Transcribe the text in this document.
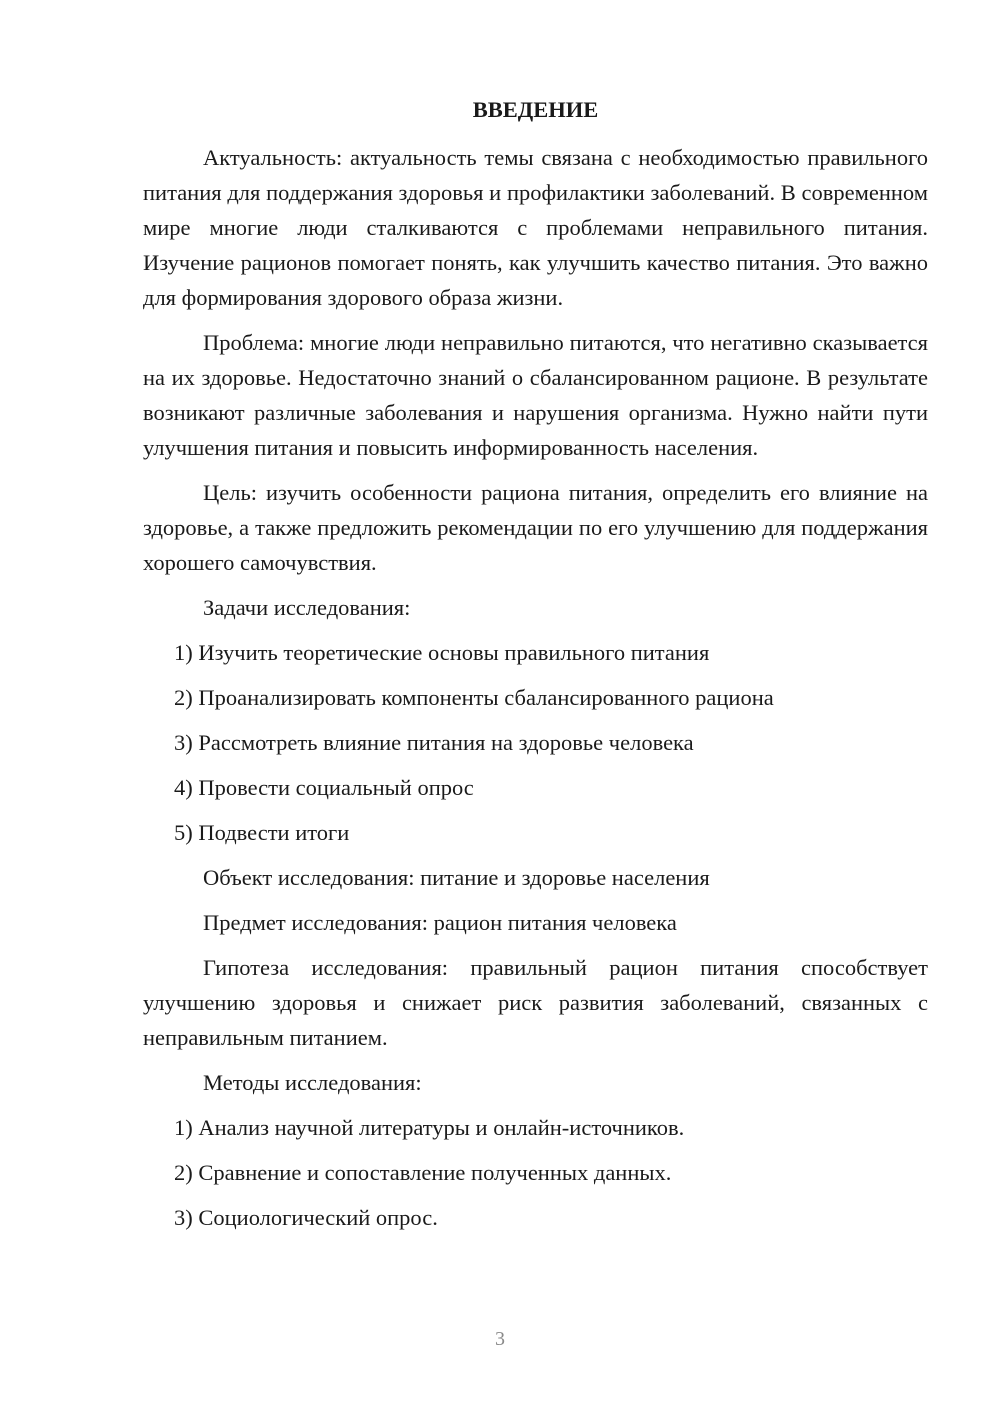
ВВЕДЕНИЕ

Актуальность: актуальность темы связана с необходимостью правильного питания для поддержания здоровья и профилактики заболеваний. В современном мире многие люди сталкиваются с проблемами неправильного питания. Изучение рационов помогает понять, как улучшить качество питания. Это важно для формирования здорового образа жизни.

Проблема: многие люди неправильно питаются, что негативно сказывается на их здоровье. Недостаточно знаний о сбалансированном рационе. В результате возникают различные заболевания и нарушения организма. Нужно найти пути улучшения питания и повысить информированность населения.

Цель: изучить особенности рациона питания, определить его влияние на здоровье, а также предложить рекомендации по его улучшению для поддержания хорошего самочувствия.

Задачи исследования:

1) Изучить теоретические основы правильного питания
2) Проанализировать компоненты сбалансированного рациона
3) Рассмотреть влияние питания на здоровье человека
4) Провести социальный опрос
5) Подвести итоги

Объект исследования: питание и здоровье населения

Предмет исследования: рацион питания человека

Гипотеза исследования: правильный рацион питания способствует улучшению здоровья и снижает риск развития заболеваний, связанных с неправильным питанием.

Методы исследования:

1) Анализ научной литературы и онлайн-источников.
2) Сравнение и сопоставление полученных данных.
3) Социологический опрос.
3
